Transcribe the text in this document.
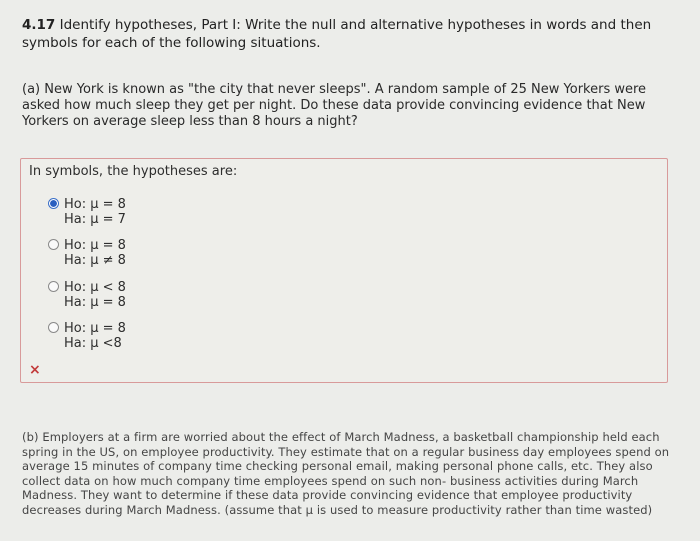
4.17 Identify hypotheses, Part I: Write the null and alternative hypotheses in words and then symbols for each of the following situations.
(a) New York is known as "the city that never sleeps". A random sample of 25 New Yorkers were asked how much sleep they get per night. Do these data provide convincing evidence that New Yorkers on average sleep less than 8 hours a night?
In symbols, the hypotheses are:
Ho: μ = 8
Ha: μ = 7
Ho: μ = 8
Ha: μ ≠ 8
Ho: μ < 8
Ha: μ = 8
Ho: μ = 8
Ha: μ <8
×
(b) Employers at a firm are worried about the effect of March Madness, a basketball championship held each spring in the US, on employee productivity. They estimate that on a regular business day employees spend on average 15 minutes of company time checking personal email, making personal phone calls, etc. They also collect data on how much company time employees spend on such non- business activities during March Madness. They want to determine if these data provide convincing evidence that employee productivity decreases during March Madness. (assume that μ is used to measure productivity rather than time wasted)
